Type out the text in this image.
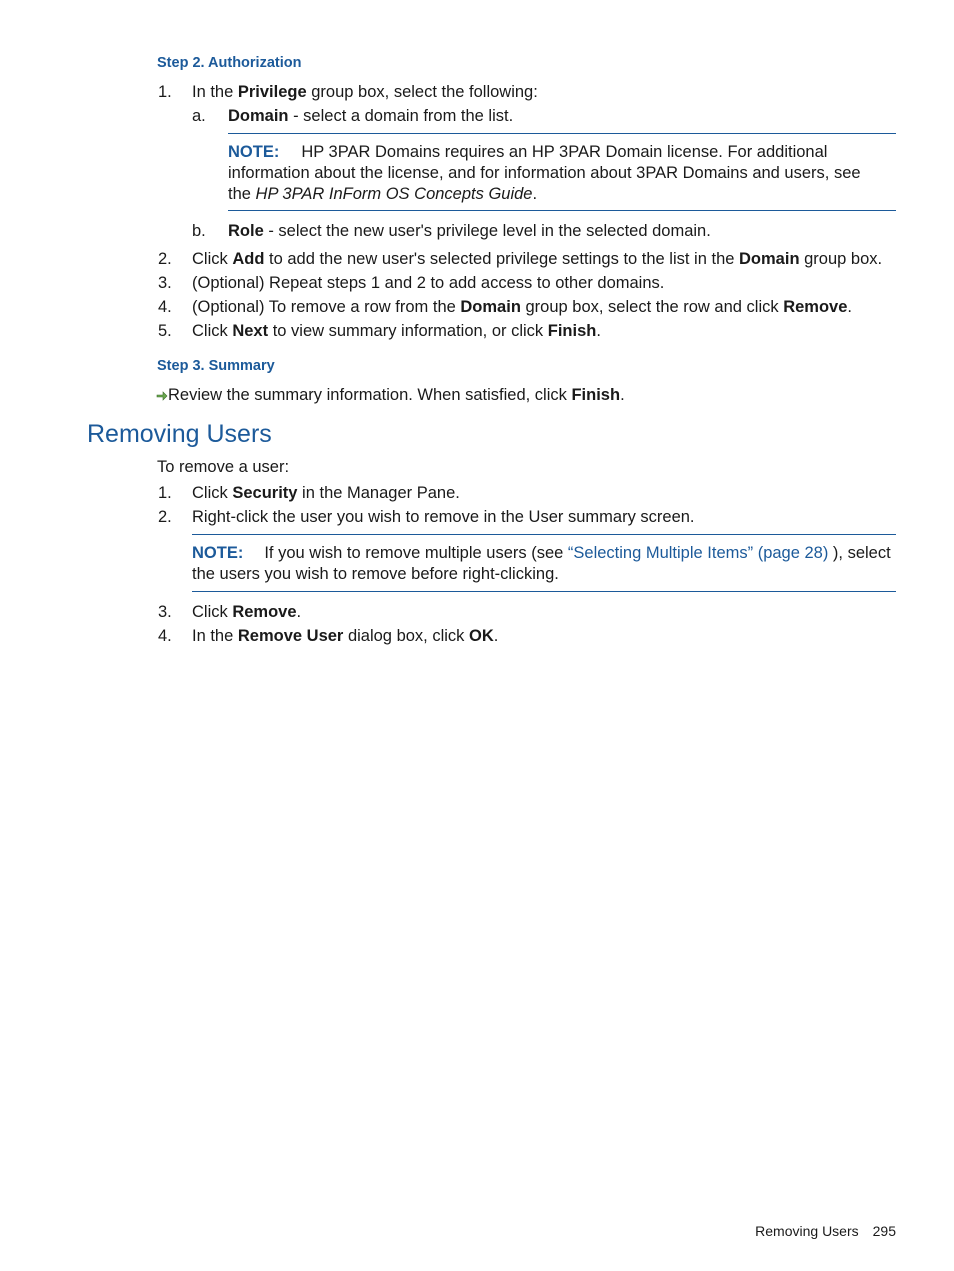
Step 2. Authorization
1. In the Privilege group box, select the following:
a. Domain - select a domain from the list.
NOTE: HP 3PAR Domains requires an HP 3PAR Domain license. For additional
information about the license, and for information about 3PAR Domains and users, see
the HP 3PAR InForm OS Concepts Guide.
b. Role - select the new user's privilege level in the selected domain.
2. Click Add to add the new user's selected privilege settings to the list in the Domain group box.
3. (Optional) Repeat steps 1 and 2 to add access to other domains.
4. (Optional) To remove a row from the Domain group box, select the row and click Remove.
5. Click Next to view summary information, or click Finish.
Step 3. Summary
Review the summary information. When satisfied, click Finish.
Removing Users
To remove a user:
1. Click Security in the Manager Pane.
2. Right-click the user you wish to remove in the User summary screen.
NOTE: If you wish to remove multiple users (see “Selecting Multiple Items” (page 28) ), select
the users you wish to remove before right-clicking.
3. Click Remove.
4. In the Remove User dialog box, click OK.
Removing Users 295
